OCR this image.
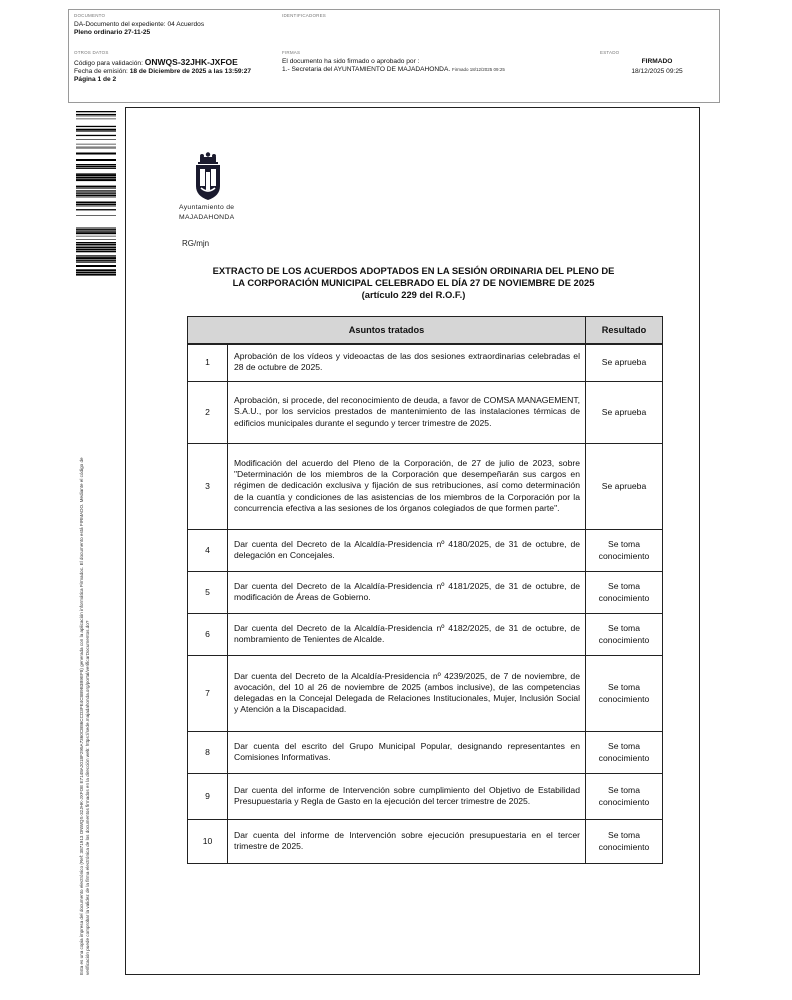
DOCUMENTO
DA-Documento del expediente: 04 Acuerdos
Pleno ordinario 27-11-25
IDENTIFICADORES
OTROS DATOS
Código para validación: ONWQS-32JHK-JXFOE
Fecha de emisión: 18 de Diciembre de 2025 a las 13:59:27
Página 1 de 2
FIRMAS
El documento ha sido firmado o aprobado por :
1.- Secretaria del AYUNTAMIENTO DE MAJADAHONDA. Firmado 18/12/2025 09:25
ESTADO
FIRMADO
18/12/2025 09:25
Esta es una copia impresa del documento electrónico (Ref: 3871913 ONWQS-32JHK-JXFOE E7148A2018F295A7360CB86CCD3FE4C8B9B3B9EF8) generada con la aplicación informática Firmadoc. El documento está FIRMADO. Mediante el código de verificación puede comprobar la validez de la firma electrónica de los documentos firmados en la dirección web: https://sede.majadahonda.org/portal/verificarDocumentos.do?
Ayuntamiento de
MAJADAHONDA
RG/mjn
EXTRACTO DE LOS ACUERDOS ADOPTADOS EN LA SESIÓN ORDINARIA DEL PLENO DE
LA CORPORACIÓN MUNICIPAL CELEBRADO EL DÍA 27 DE NOVIEMBRE DE 2025
(artículo 229 del R.O.F.)
Asuntos tratados		Resultado
1	Aprobación de los vídeos y videoactas de las dos sesiones extraordinarias celebradas el 28 de octubre de 2025.	Se aprueba
2	Aprobación, si procede, del reconocimiento de deuda, a favor de COMSA MANAGEMENT, S.A.U., por los servicios prestados de mantenimiento de las instalaciones térmicas de edificios municipales durante el segundo y tercer trimestre de 2025.	Se aprueba
3	Modificación del acuerdo del Pleno de la Corporación, de 27 de julio de 2023, sobre "Determinación de los miembros de la Corporación que desempeñarán sus cargos en régimen de dedicación exclusiva y fijación de sus retribuciones, así como determinación de la cuantía y condiciones de las asistencias de los miembros de la Corporación por la concurrencia efectiva a las sesiones de los órganos colegiados de que formen parte".	Se aprueba
4	Dar cuenta del Decreto de la Alcaldía-Presidencia nº 4180/2025, de 31 de octubre, de delegación en Concejales.	Se toma conocimiento
5	Dar cuenta del Decreto de la Alcaldía-Presidencia nº 4181/2025, de 31 de octubre, de modificación de Áreas de Gobierno.	Se toma conocimiento
6	Dar cuenta del Decreto de la Alcaldía-Presidencia nº 4182/2025, de 31 de octubre, de nombramiento de Tenientes de Alcalde.	Se toma conocimiento
7	Dar cuenta del Decreto de la Alcaldía-Presidencia nº 4239/2025, de 7 de noviembre, de avocación, del 10 al 26 de noviembre de 2025 (ambos inclusive), de las competencias delegadas en la Concejal Delegada de Relaciones Institucionales, Mujer, Inclusión Social y Atención a la Discapacidad.	Se toma conocimiento
8	Dar cuenta del escrito del Grupo Municipal Popular, designando representantes en Comisiones Informativas.	Se toma conocimiento
9	Dar cuenta del informe de Intervención sobre cumplimiento del Objetivo de Estabilidad Presupuestaria y Regla de Gasto en la ejecución del tercer trimestre de 2025.	Se toma conocimiento
10	Dar cuenta del informe de Intervención sobre ejecución presupuestaria en el tercer trimestre de 2025.	Se toma conocimiento
